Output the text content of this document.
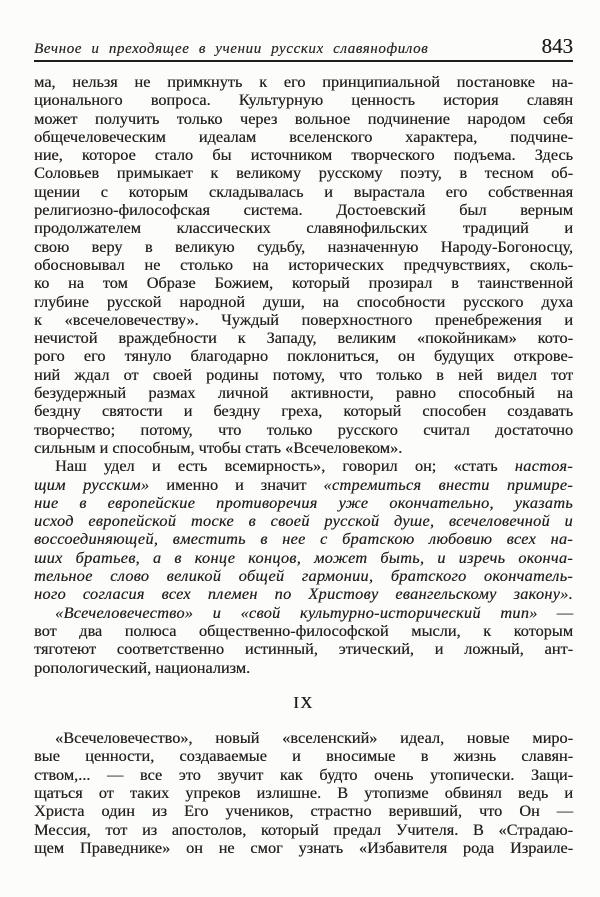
Вечное и преходящее в учении русских славянофилов	843
ма, нельзя не примкнуть к его принципиальной постановке на-
ционального вопроса. Культурную ценность история славян
может получить только через вольное подчинение народом себя
общечеловеческим идеалам вселенского характера, подчине-
ние, которое стало бы источником творческого подъема. Здесь
Соловьев примыкает к великому русскому поэту, в тесном об-
щении с которым складывалась и вырастала его собственная
религиозно-философская система. Достоевский был верным
продолжателем классических славянофильских традиций и
свою веру в великую судьбу, назначенную Народу-Богоносцу,
обосновывал не столько на исторических предчувствиях, сколь-
ко на том Образе Божием, который прозирал в таинственной
глубине русской народной души, на способности русского духа
к «всечеловечеству». Чуждый поверхностного пренебрежения и
нечистой враждебности к Западу, великим «покойникам» кото-
рого его тянуло благодарно поклониться, он будущих открове-
ний ждал от своей родины потому, что только в ней видел тот
безудержный размах личной активности, равно способный на
бездну святости и бездну греха, который способен создавать
творчество; потому, что только русского считал достаточно
сильным и способным, чтобы стать «Всечеловеком».
Наш удел и есть всемирность», говорил он; «стать настоя-
щим русским» именно и значит «стремиться внести примире-
ние в европейские противоречия уже окончательно, указать
исход европейской тоске в своей русской душе, всечеловечной и
воссоединяющей, вместить в нее с братскою любовию всех на-
ших братьев, а в конце концов, может быть, и изречь оконча-
тельное слово великой общей гармонии, братского окончатель-
ного согласия всех племен по Христову евангельскому закону».
«Всечеловечество» и «свой культурно-исторический тип» —
вот два полюса общественно-философской мысли, к которым
тяготеют соответственно истинный, этический, и ложный, ант-
ропологический, национализм.
IX
«Всечеловечество», новый «вселенский» идеал, новые миро-
вые ценности, создаваемые и вносимые в жизнь славян-
ством,... — все это звучит как будто очень утопически. Защи-
щаться от таких упреков излишне. В утопизме обвинял ведь и
Христа один из Его учеников, страстно веривший, что Он —
Мессия, тот из апостолов, который предал Учителя. В «Страдаю-
щем Праведнике» он не смог узнать «Избавителя рода Израиле-
